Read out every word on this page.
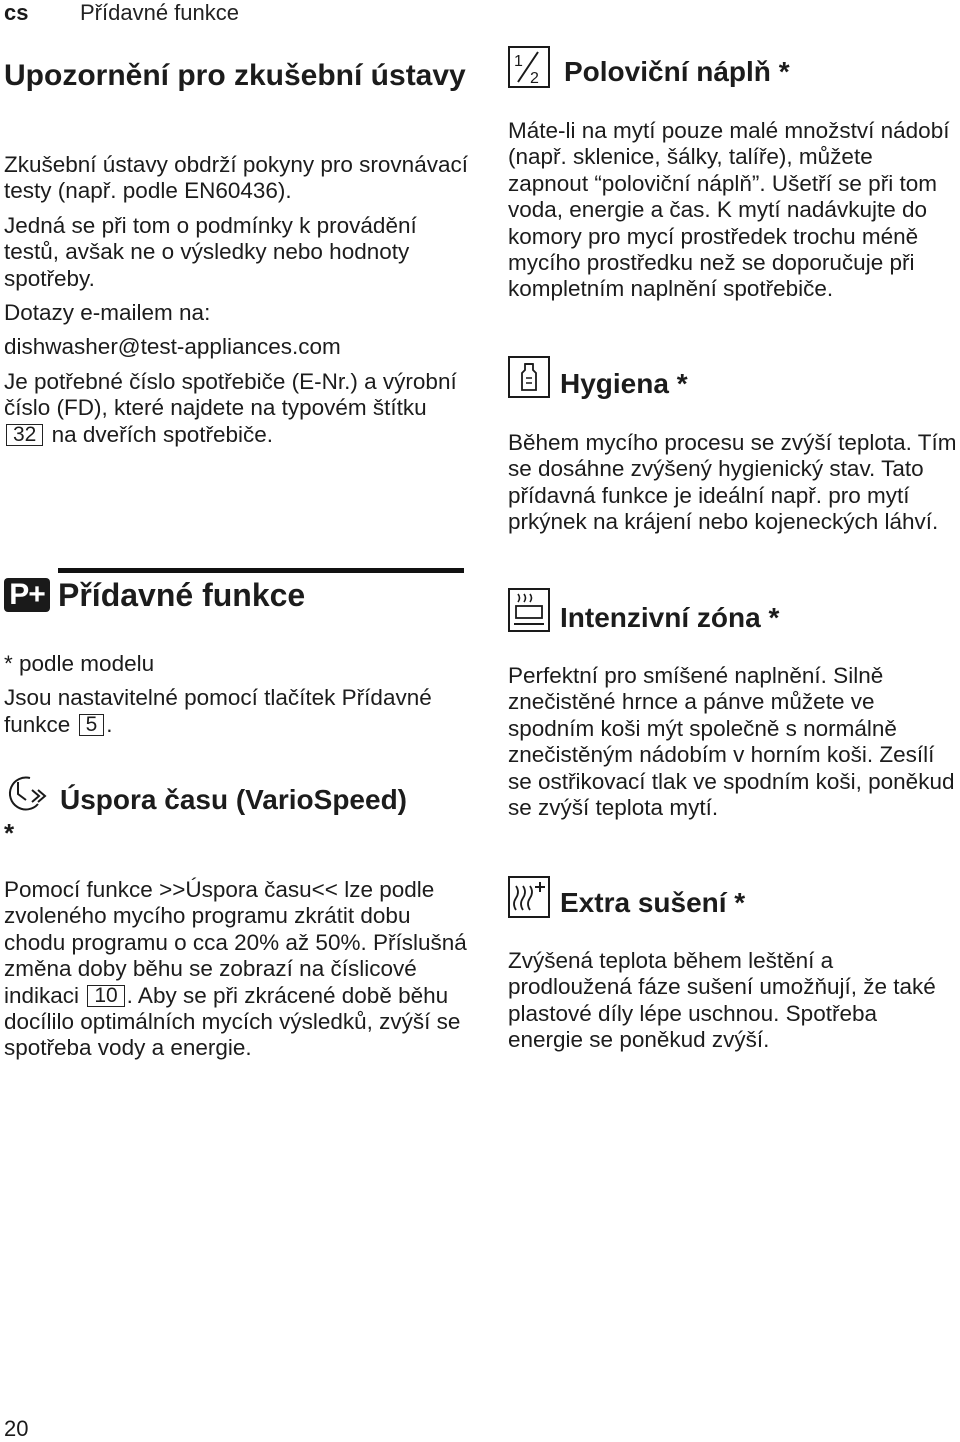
cs Přídavné funkce
Upozornění pro zkušební ústavy

Zkušební ústavy obdrží pokyny pro srovnávací testy (např. podle EN60436).

Jedná se při tom o podmínky k provádění testů, avšak ne o výsledky nebo hodnoty spotřeby.

Dotazy e‑mailem na:

dishwasher@test-appliances.com

Je potřebné číslo spotřebiče (E‑Nr.) a výrobní číslo (FD), které najdete na typovém štítku 32 na dveřích spotřebiče.

P+ Přídavné funkce

* podle modelu

Jsou nastavitelné pomocí tlačítek Přídavné funkce 5 .

Úspora času (VarioSpeed)
*

Pomocí funkce >>Úspora času<< lze podle zvoleného mycího programu zkrátit dobu chodu programu o cca 20% až 50%. Příslušná změna doby běhu se zobrazí na číslicové indikaci 10 . Aby se při zkrácené době běhu docílilo optimálních mycích výsledků, zvýší se spotřeba vody a energie.

1
2 Poloviční náplň *

Máte‑li na mytí pouze malé množství nádobí (např. sklenice, šálky, talíře), můžete zapnout “poloviční náplň”. Ušetří se při tom voda, energie a čas. K mytí nadávkujte do komory pro mycí prostředek trochu méně mycího prostředku než se doporučuje při kompletním naplnění spotřebiče.

Hygiena *

Během mycího procesu se zvýší teplota. Tím se dosáhne zvýšený hygienický stav. Tato přídavná funkce je ideální např. pro mytí prkýnek na krájení nebo kojeneckých láhví.

Intenzivní zóna *

Perfektní pro smíšené naplnění. Silně znečistěné hrnce a pánve můžete ve spodním koši mýt společně s normálně znečistěným nádobím v horním koši. Zesílí se ostřikovací tlak ve spodním koši, poněkud se zvýší teplota mytí.

Extra sušení *

Zvýšená teplota během leštění a prodloužená fáze sušení umožňují, že také plastové díly lépe uschnou. Spotřeba energie se poněkud zvýší.

20
